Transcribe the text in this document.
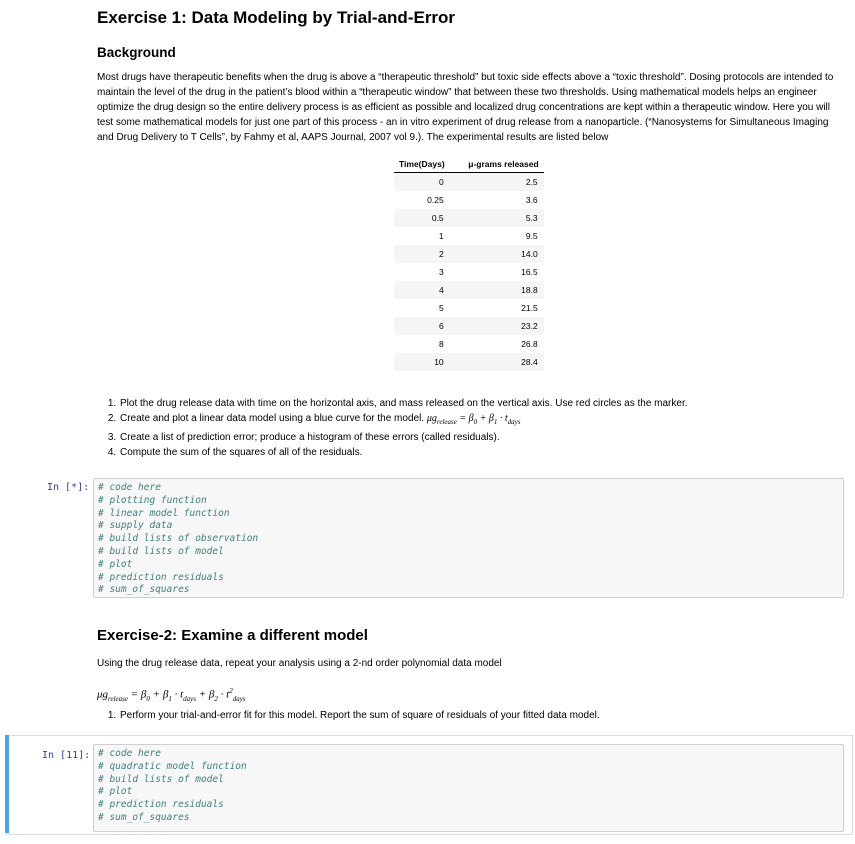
Exercise 1: Data Modeling by Trial-and-Error
Background
Most drugs have therapeutic benefits when the drug is above a “therapeutic threshold” but toxic side effects above a “toxic threshold”. Dosing protocols are intended to maintain the level of the drug in the patient’s blood within a “therapeutic window” that between these two thresholds. Using mathematical models helps an engineer optimize the drug design so the entire delivery process is as efficient as possible and localized drug concentrations are kept within a therapeutic window. Here you will test some mathematical models for just one part of this process - an in vitro experiment of drug release from a nanoparticle. (“Nanosystems for Simultaneous Imaging and Drug Delivery to T Cells”, by Fahmy et al, AAPS Journal, 2007 vol 9.). The experimental results are listed below
Time(Days)	μ-grams released
0	2.5
0.25	3.6
0.5	5.3
1	9.5
2	14.0
3	16.5
4	18.8
5	21.5
6	23.2
8	26.8
10	28.4
1. Plot the drug release data with time on the horizontal axis, and mass released on the vertical axis. Use red circles as the marker.
2. Create and plot a linear data model using a blue curve for the model. $\mu g_{release} = \beta_0 + \beta_1 \cdot t_{days}$
3. Create a list of prediction error; produce a histogram of these errors (called residuals).
4. Compute the sum of the squares of all of the residuals.
In [*]: # code here
# plotting function
# linear model function
# supply data
# build lists of observation
# build lists of model
# plot
# prediction residuals
# sum_of_squares
Exercise-2: Examine a different model
Using the drug release data, repeat your analysis using a 2-nd order polynomial data model
$\mu g_{release} = \beta_0 + \beta_1 \cdot t_{days} + \beta_2 \cdot t^2_{days}$
1. Perform your trial-and-error fit for this model. Report the sum of square of residuals of your fitted data model.
In [11]: # code here
# quadratic model function
# build lists of model
# plot
# prediction residuals
# sum_of_squares
